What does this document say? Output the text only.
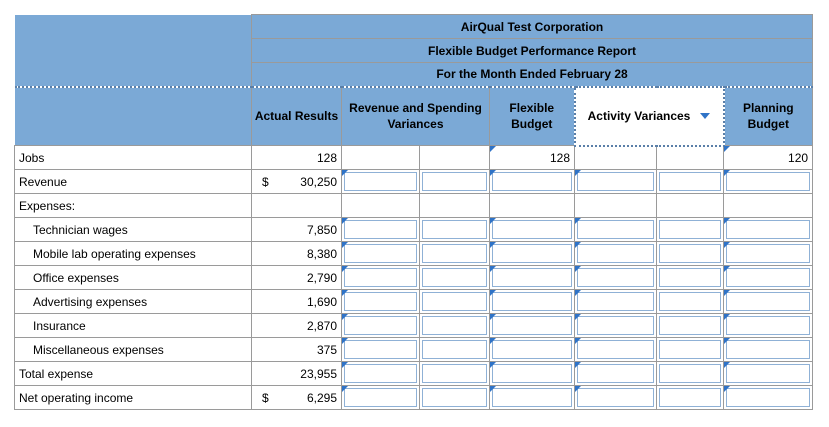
	AirQual Test Corporation						
	Flexible Budget Performance Report						
	For the Month Ended February 28						
	Actual Results	Revenue and Spending Variances		Flexible Budget	Activity Variances		Planning Budget
Jobs	128			128			120
Revenue	$ 30,250	

Expenses:							
Technician wages	7,850	

Mobile lab operating expenses	8,380	

Office expenses	2,790	

Advertising expenses	1,690	

Insurance	2,870	

Miscellaneous expenses	375	

Total expense	23,955	

Net operating income	$ 6,295	
